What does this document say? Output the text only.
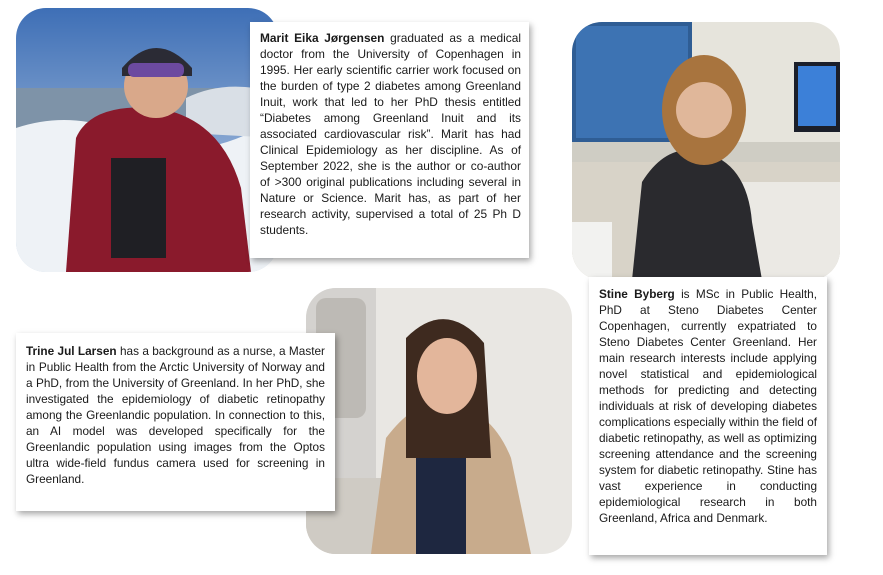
Marit Eika Jørgensen graduated as a medical doctor from the University of Copenhagen in 1995. Her early scientific carrier work focused on the burden of type 2 diabetes among Greenland Inuit, work that led to her PhD thesis entitled “Diabetes among Greenland Inuit and its associated cardiovascular risk”. Marit has had Clinical Epidemiology as her discipline. As of September 2022, she is the author or co-author of >300 original publications including several in Nature or Science. Marit has, as part of her research activity, supervised a total of 25 Ph D students.
Stine Byberg is MSc in Public Health, PhD at Steno Diabetes Center Copenhagen, currently expatriated to Steno Diabetes Center Greenland. Her main research interests include applying novel statistical and epidemiological methods for predicting and detecting individuals at risk of developing diabetes complications especially within the field of diabetic retinopathy, as well as optimizing screening attendance and the screening system for diabetic retinopathy. Stine has vast experience in conducting epidemiological research in both Greenland, Africa and Denmark.
Trine Jul Larsen has a background as a nurse, a Master in Public Health from the Arctic University of Norway and a PhD, from the University of Greenland. In her PhD, she investigated the epidemiology of diabetic retinopathy among the Greenlandic population. In connection to this, an AI model was developed specifically for the Greenlandic population using images from the Optos ultra wide-field fundus camera used for screening in Greenland.
